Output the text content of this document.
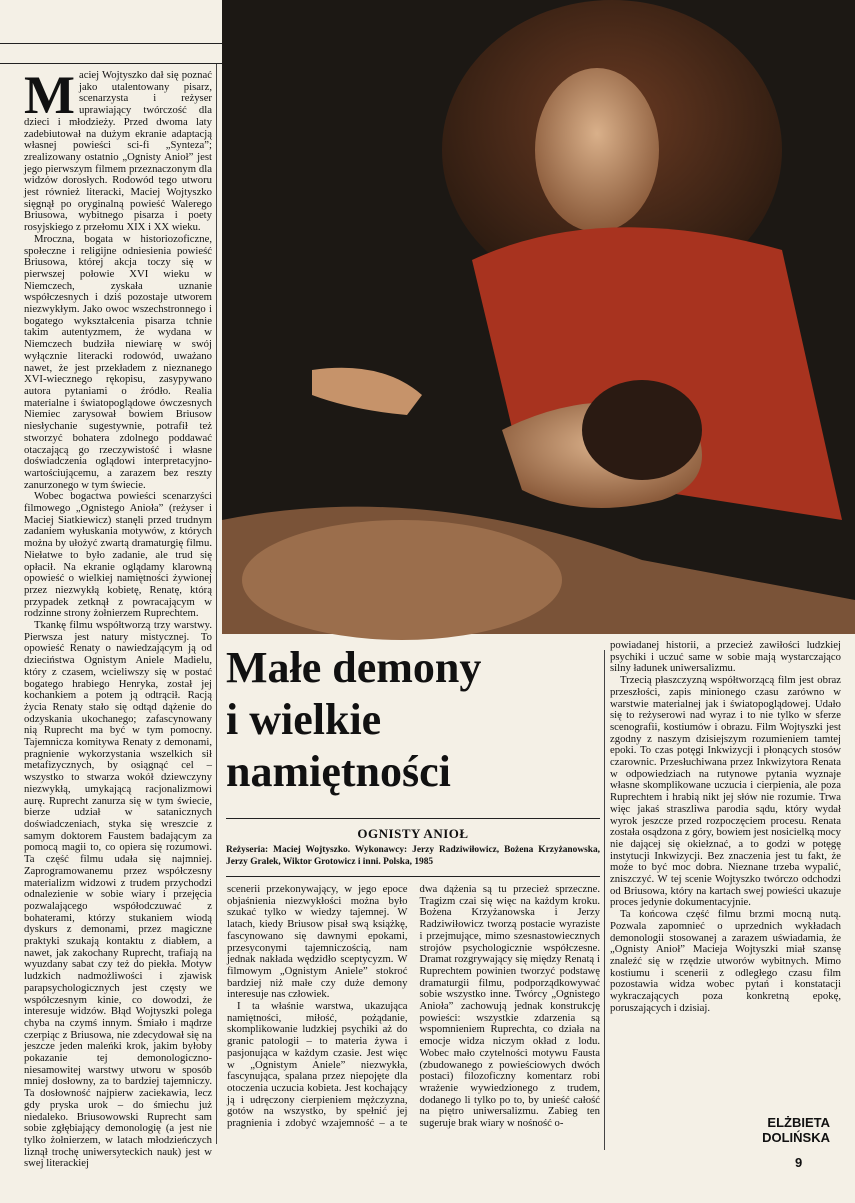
Maciej Wojtyszko dał się poznać jako utalentowany pisarz, scenarzysta i reżyser uprawiający twórczość dla dzieci i młodzieży. Przed dwoma laty zadebiutował na dużym ekranie adaptacją własnej powieści sci-fi „Synteza”; zrealizowany ostatnio „Ognisty Anioł” jest jego pierwszym filmem przeznaczonym dla widzów dorosłych. Rodowód tego utworu jest również literacki, Maciej Wojtyszko sięgnął po oryginalną powieść Walerego Briusowa, wybitnego pisarza i poety rosyjskiego z przełomu XIX i XX wieku.

Mroczna, bogata w historiozoficzne, społeczne i religijne odniesienia powieść Briusowa, której akcja toczy się w pierwszej połowie XVI wieku w Niemczech, zyskała uznanie współczesnych i dziś pozostaje utworem niezwykłym. Jako owoc wszechstronnego i bogatego wykształcenia pisarza tchnie takim autentyzmem, że wydana w Niemczech budziła niewiarę w swój wyłącznie literacki rodowód, uważano nawet, że jest przekładem z nieznanego XVI-wiecznego rękopisu, zasypywano autora pytaniami o źródło. Realia materialne i światopoglądowe ówczesnych Niemiec zarysował bowiem Briusow niesłychanie sugestywnie, potrafił też stworzyć bohatera zdolnego poddawać otaczającą go rzeczywistość i własne doświadczenia oglądowi interpretacyjno-wartościującemu, a zarazem bez reszty zanurzonego w tym świecie.

Wobec bogactwa powieści scenarzyści filmowego „Ognistego Anioła” (reżyser i Maciej Siatkiewicz) stanęli przed trudnym zadaniem wyłuskania motywów, z których można by ułożyć zwartą dramaturgię filmu. Niełatwe to było zadanie, ale trud się opłacił. Na ekranie oglądamy klarowną opowieść o wielkiej namiętności żywionej przez niezwykłą kobietę, Renatę, którą przypadek zetknął z powracającym w rodzinne strony żołnierzem Ruprechtem.

Tkankę filmu współtworzą trzy warstwy. Pierwsza jest natury mistycznej. To opowieść Renaty o nawiedzającym ją od dzieciństwa Ognistym Aniele Madielu, który z czasem, wcieliwszy się w postać bogatego hrabiego Henryka, został jej kochankiem a potem ją odtrącił. Racją życia Renaty stało się odtąd dążenie do odzyskania ukochanego; zafascynowany nią Ruprecht ma być w tym pomocny. Tajemnicza komitywa Renaty z demonami, pragnienie wykorzystania wszelkich sił metafizycznych, by osiągnąć cel – wszystko to stwarza wokół dziewczyny niezwykłą, umykającą racjonalizmowi aurę. Ruprecht zanurza się w tym świecie, bierze udział w satanicznych doświadczeniach, styka się wreszcie z samym doktorem Faustem badającym za pomocą magii to, co opiera się rozumowi. Ta część filmu udała się najmniej. Zaprogramowanemu przez współczesny materializm widzowi z trudem przychodzi odnalezienie w sobie wiary i przejęcia pozwalającego współodczuwać z bohaterami, którzy stukaniem wiodą dyskurs z demonami, przez magiczne praktyki szukają kontaktu z diabłem, a nawet, jak zakochany Ruprecht, trafiają na wyuzdany sabat czy też do piekła. Motyw ludzkich nadmożliwości i zjawisk parapsychologicznych jest częsty we współczesnym kinie, co dowodzi, że interesuje widzów. Błąd Wojtyszki polega chyba na czymś innym. Śmiało i mądrze czerpiąc z Briusowa, nie zdecydował się na jeszcze jeden maleńki krok, jakim byłoby pokazanie tej demonologiczno-niesamowitej warstwy utworu w sposób mniej dosłowny, za to bardziej tajemniczy. Ta dosłowność najpierw zaciekawia, lecz gdy pryska urok – do śmiechu już niedaleko. Briusowowski Ruprecht sam sobie zgłębiający demonologię (a jest nie tylko żołnierzem, w latach młodzieńczych liznął trochę uniwersyteckich nauk) jest w swej literackiej

Małe demony
i wielkie
namiętności
OGNISTY ANIOŁ
Reżyseria: Maciej Wojtyszko. Wykonawcy: Jerzy Radziwiłowicz, Bożena Krzyżanowska, Jerzy Gralek, Wiktor Grotowicz i inni. Polska, 1985

scenerii przekonywający, w jego epoce objaśnienia niezwykłości można było szukać tylko w wiedzy tajemnej. W latach, kiedy Briusow pisał swą książkę, fascynowano się dawnymi epokami, przesyconymi tajemniczością, nam jednak nakłada wędzidło sceptycyzm. W filmowym „Ognistym Aniele” stokroć bardziej niż małe czy duże demony interesuje nas człowiek.

I ta właśnie warstwa, ukazująca namiętności, miłość, pożądanie, skomplikowanie ludzkiej psychiki aż do granic patologii – to materia żywa i pasjonująca w każdym czasie. Jest więc w „Ognistym Aniele” niezwykła, fascynująca, spalana przez niepojęte dla otoczenia uczucia kobieta. Jest kochający ją i udręczony cierpieniem mężczyzna, gotów na wszystko, by spełnić jej pragnienia i zdobyć wzajemność – a te dwa dążenia są tu przecież sprzeczne. Tragizm czai się więc na każdym kroku. Bożena Krzyżanowska i Jerzy Radziwiłowicz tworzą postacie wyraziste i przejmujące, mimo szesnastowiecznych strojów psychologicznie współczesne. Dramat rozgrywający się między Renatą i Ruprechtem powinien tworzyć podstawę dramaturgii filmu, podporządkowywać sobie wszystko inne. Twórcy „Ognistego Anioła” zachowują jednak konstrukcję powieści: wszystkie zdarzenia są wspomnieniem Ruprechta, co działa na emocje widza niczym okład z lodu. Wobec mało czytelności motywu Fausta (zbudowanego z powieściowych dwóch postaci) filozoficzny komentarz robi wrażenie wywiedzionego z trudem, dodanego li tylko po to, by unieść całość na piętro uniwersalizmu. Zabieg ten sugeruje brak wiary w nośność o-

powiadanej historii, a przecież zawiłości ludzkiej psychiki i uczuć same w sobie mają wystarczająco silny ładunek uniwersalizmu.

Trzecią płaszczyzną współtworzącą film jest obraz przeszłości, zapis minionego czasu zarówno w warstwie materialnej jak i światopoglądowej. Udało się to reżyserowi nad wyraz i to nie tylko w sferze scenografii, kostiumów i obrazu. Film Wojtyszki jest zgodny z naszym dzisiejszym rozumieniem tamtej epoki. To czas potęgi Inkwizycji i płonących stosów czarownic. Przesłuchiwana przez Inkwizytora Renata w odpowiedziach na rutynowe pytania wyznaje własne skomplikowane uczucia i cierpienia, ale poza Ruprechtem i hrabią nikt jej słów nie rozumie. Trwa więc jakaś straszliwa parodia sądu, który wydał wyrok jeszcze przed rozpoczęciem procesu. Renata została osądzona z góry, bowiem jest nosicielką mocy nie dającej się okiełznać, a to godzi w potęgę instytucji Inkwizycji. Bez znaczenia jest tu fakt, że może to być moc dobra. Nieznane trzeba wypalić, zniszczyć. W tej scenie Wojtyszko twórczo odchodzi od Briusowa, który na kartach swej powieści ukazuje proces jedynie dokumentacyjnie.

Ta końcowa część filmu brzmi mocną nutą. Pozwala zapomnieć o uprzednich wykładach demonologii stosowanej a zarazem uświadamia, że „Ognisty Anioł” Macieja Wojtyszki miał szansę znaleźć się w rzędzie utworów wybitnych. Mimo kostiumu i scenerii z odległego czasu film pozostawia widza wobec pytań i konstatacji wykraczających poza konkretną epokę, poruszających i dzisiaj.

ELŻBIETA
DOLIŃSKA
9
